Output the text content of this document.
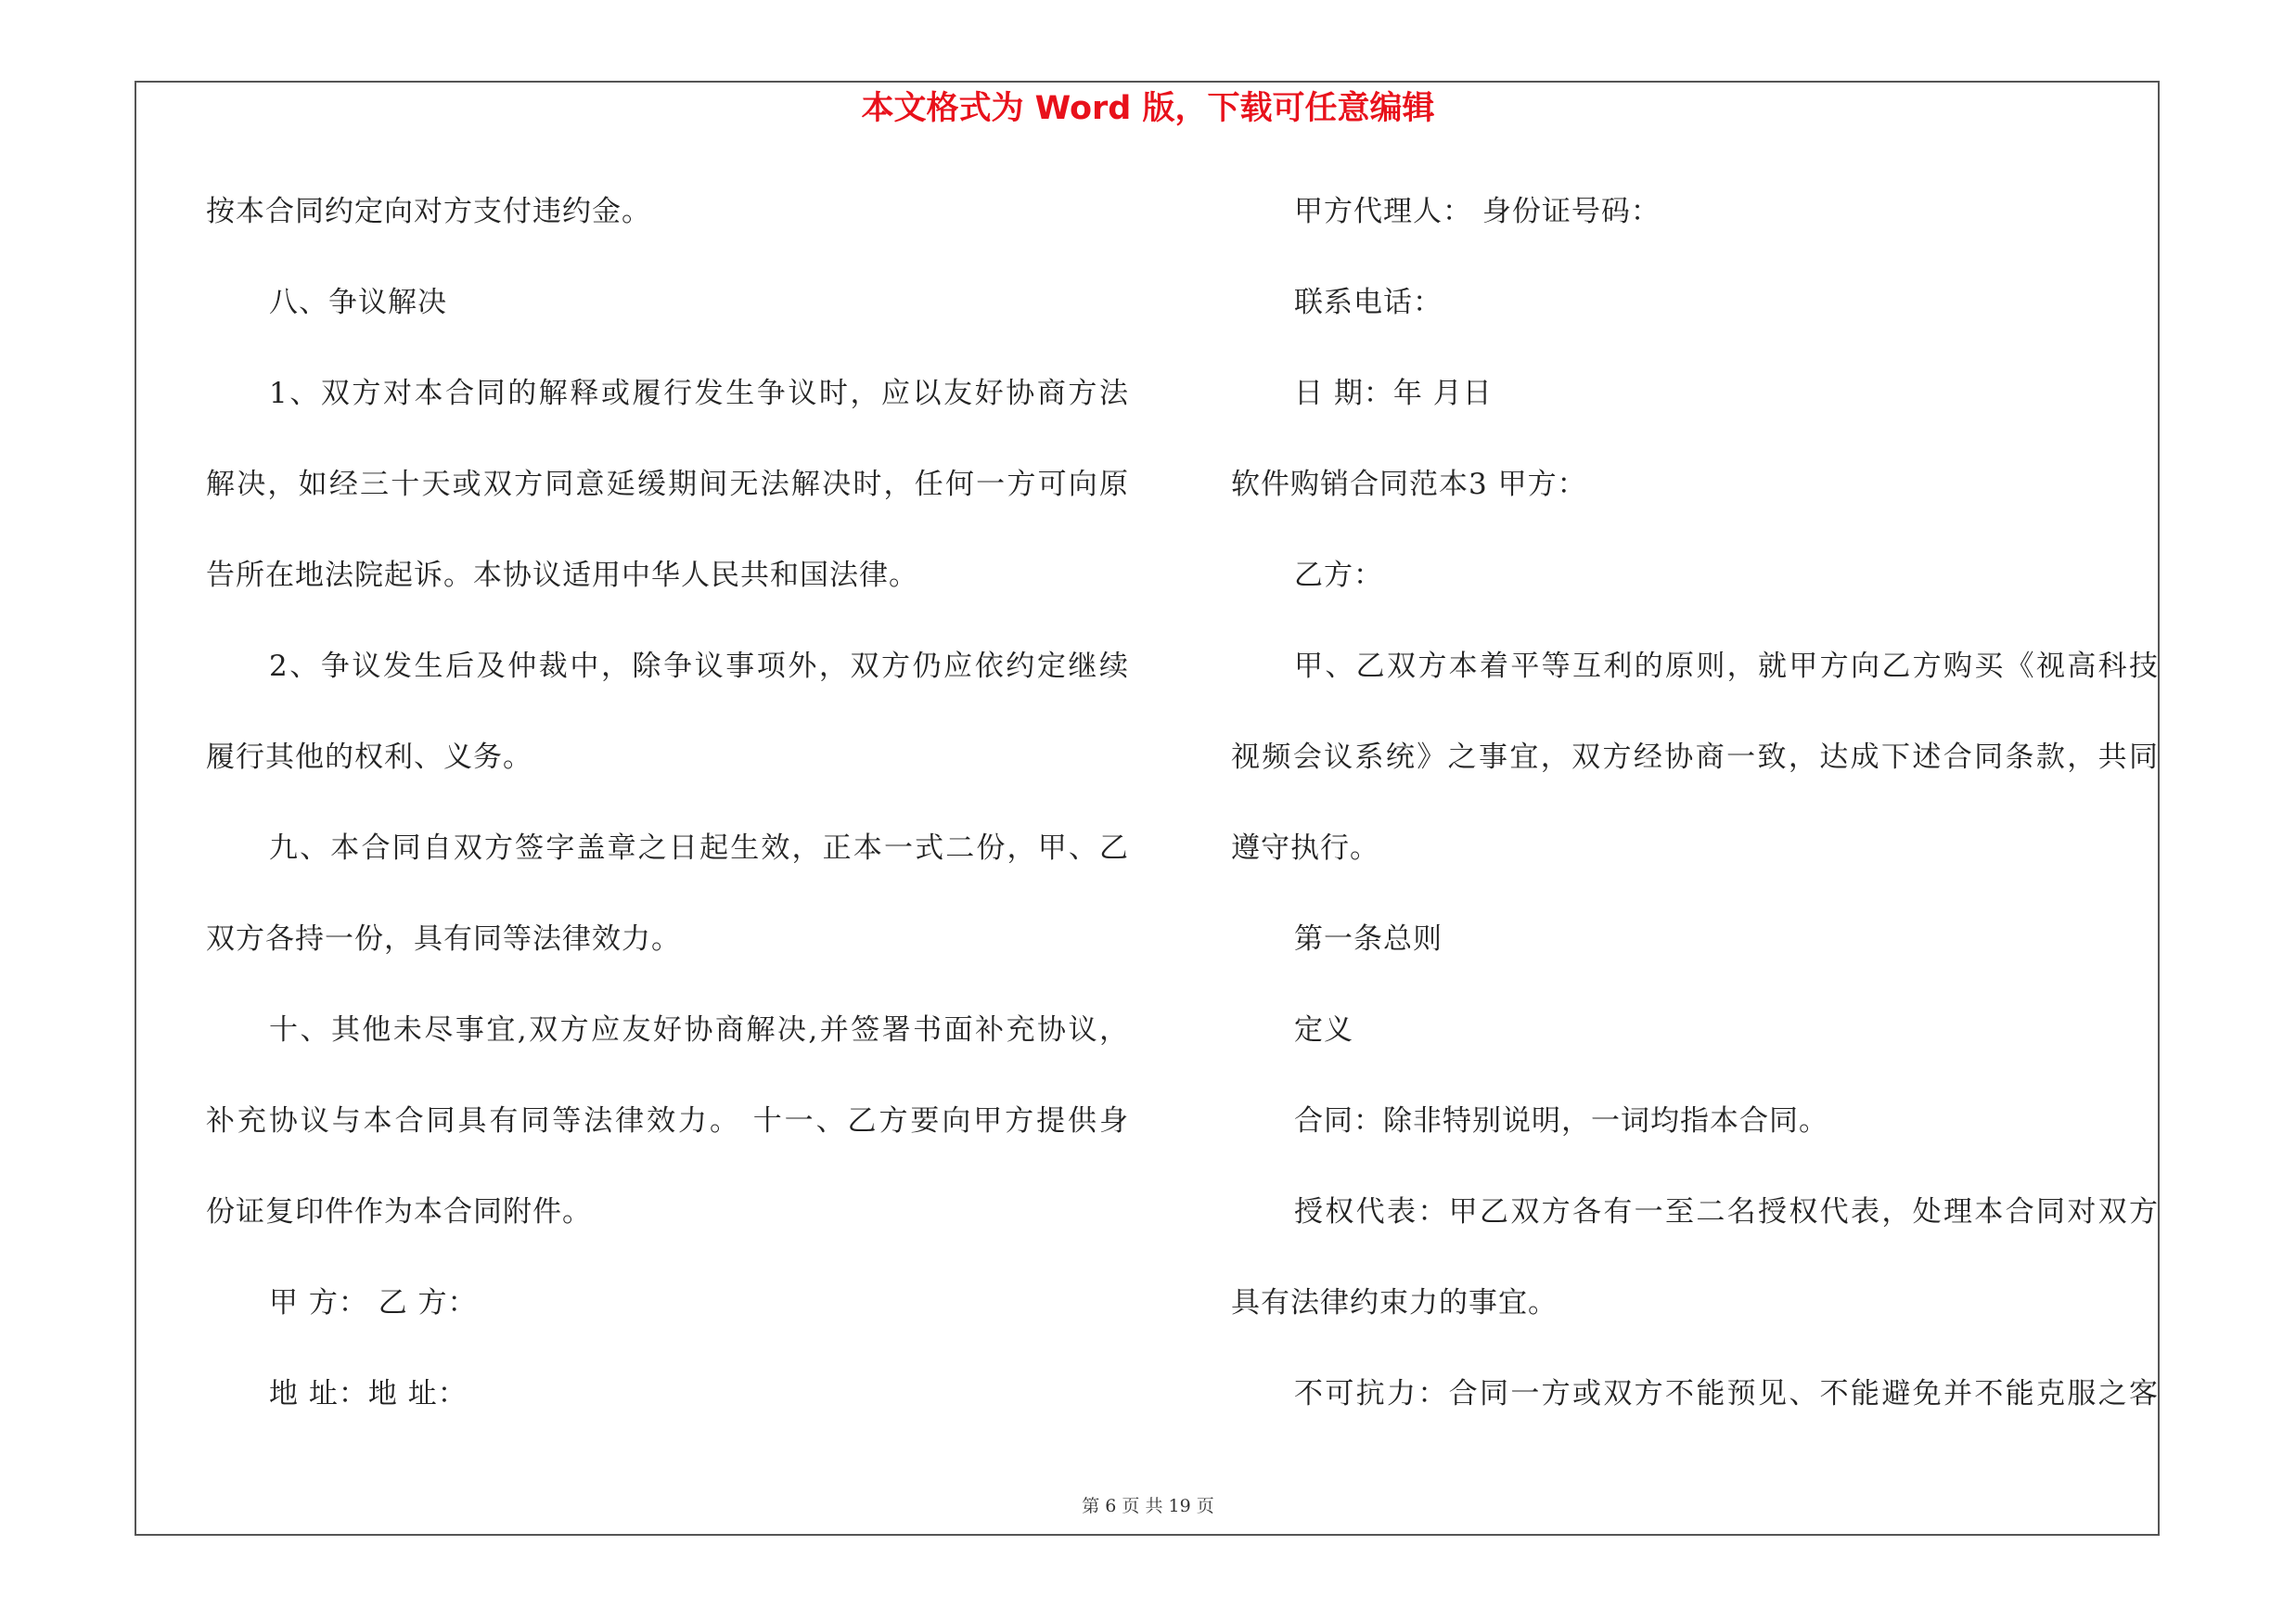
本文格式为 Word 版，下载可任意编辑
按本合同约定向对方支付违约金。
八、争议解决
1、双方对本合同的解释或履行发生争议时，应以友好协商方法
解决，如经三十天或双方同意延缓期间无法解决时，任何一方可向原
告所在地法院起诉。本协议适用中华人民共和国法律。
2、争议发生后及仲裁中，除争议事项外，双方仍应依约定继续
履行其他的权利、义务。
九、本合同自双方签字盖章之日起生效，正本一式二份，甲、乙
双方各持一份，具有同等法律效力。
十、其他未尽事宜,双方应友好协商解决,并签署书面补充协议，
补充协议与本合同具有同等法律效力。 十一、乙方要向甲方提供身
份证复印件作为本合同附件。
甲 方： 乙 方：
地 址：地 址：
甲方代理人： 身份证号码：
联系电话：
日 期：年 月日
软件购销合同范本3 甲方：
乙方：
甲、乙双方本着平等互利的原则，就甲方向乙方购买《视高科技
视频会议系统》之事宜，双方经协商一致，达成下述合同条款，共同
遵守执行。
第一条总则
定义
合同：除非特别说明，一词均指本合同。
授权代表：甲乙双方各有一至二名授权代表，处理本合同对双方
具有法律约束力的事宜。
不可抗力：合同一方或双方不能预见、不能避免并不能克服之客
第 6 页 共 19 页
